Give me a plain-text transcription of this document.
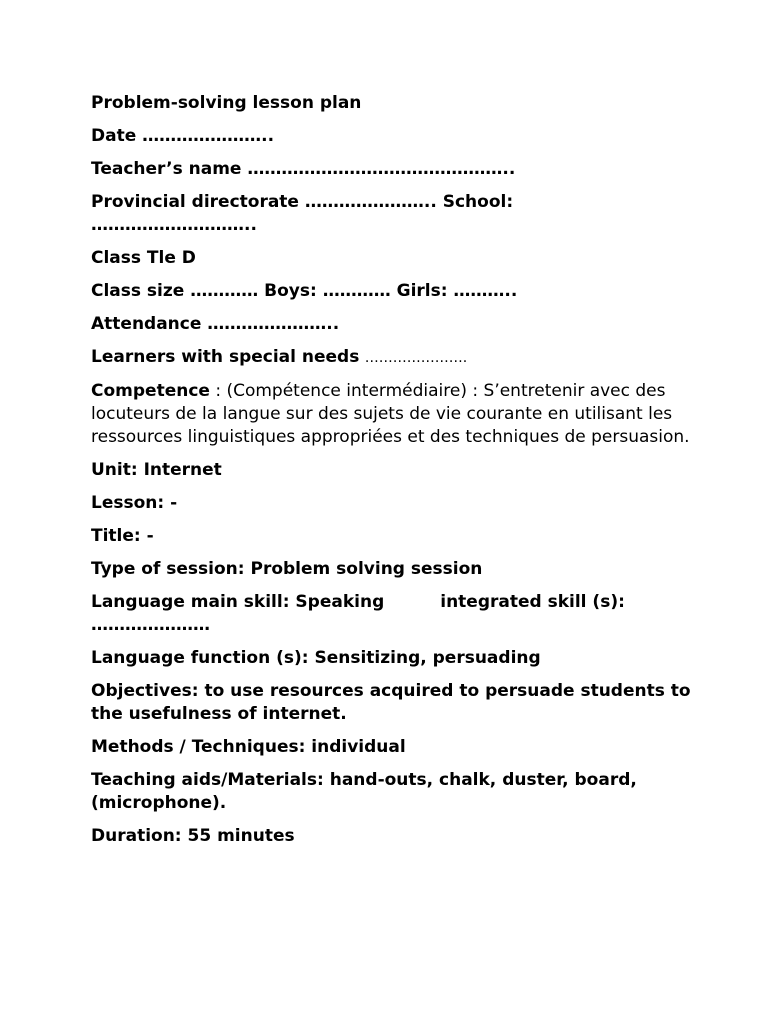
Problem-solving lesson plan
Date …………………..
Teacher’s name ………………………………………..
Provincial directorate ………………….. School:
………………………..
Class Tle D
Class size ………… Boys: ………… Girls: ………..
Attendance …………………..
Learners with special needs ………………….
Competence : (Compétence intermédiaire) : S’entretenir avec des locuteurs de la langue sur des sujets de vie courante en utilisant les ressources linguistiques appropriées et des techniques de persuasion.
Unit: Internet
Lesson: -
Title: -
Type of session: Problem solving session
Language main skill: Speaking	integrated skill (s):
…………………
Language function (s): Sensitizing, persuading
Objectives: to use resources acquired to persuade students to the usefulness of internet.
Methods / Techniques: individual
Teaching aids/Materials: hand-outs, chalk, duster, board, (microphone).
Duration: 55 minutes
